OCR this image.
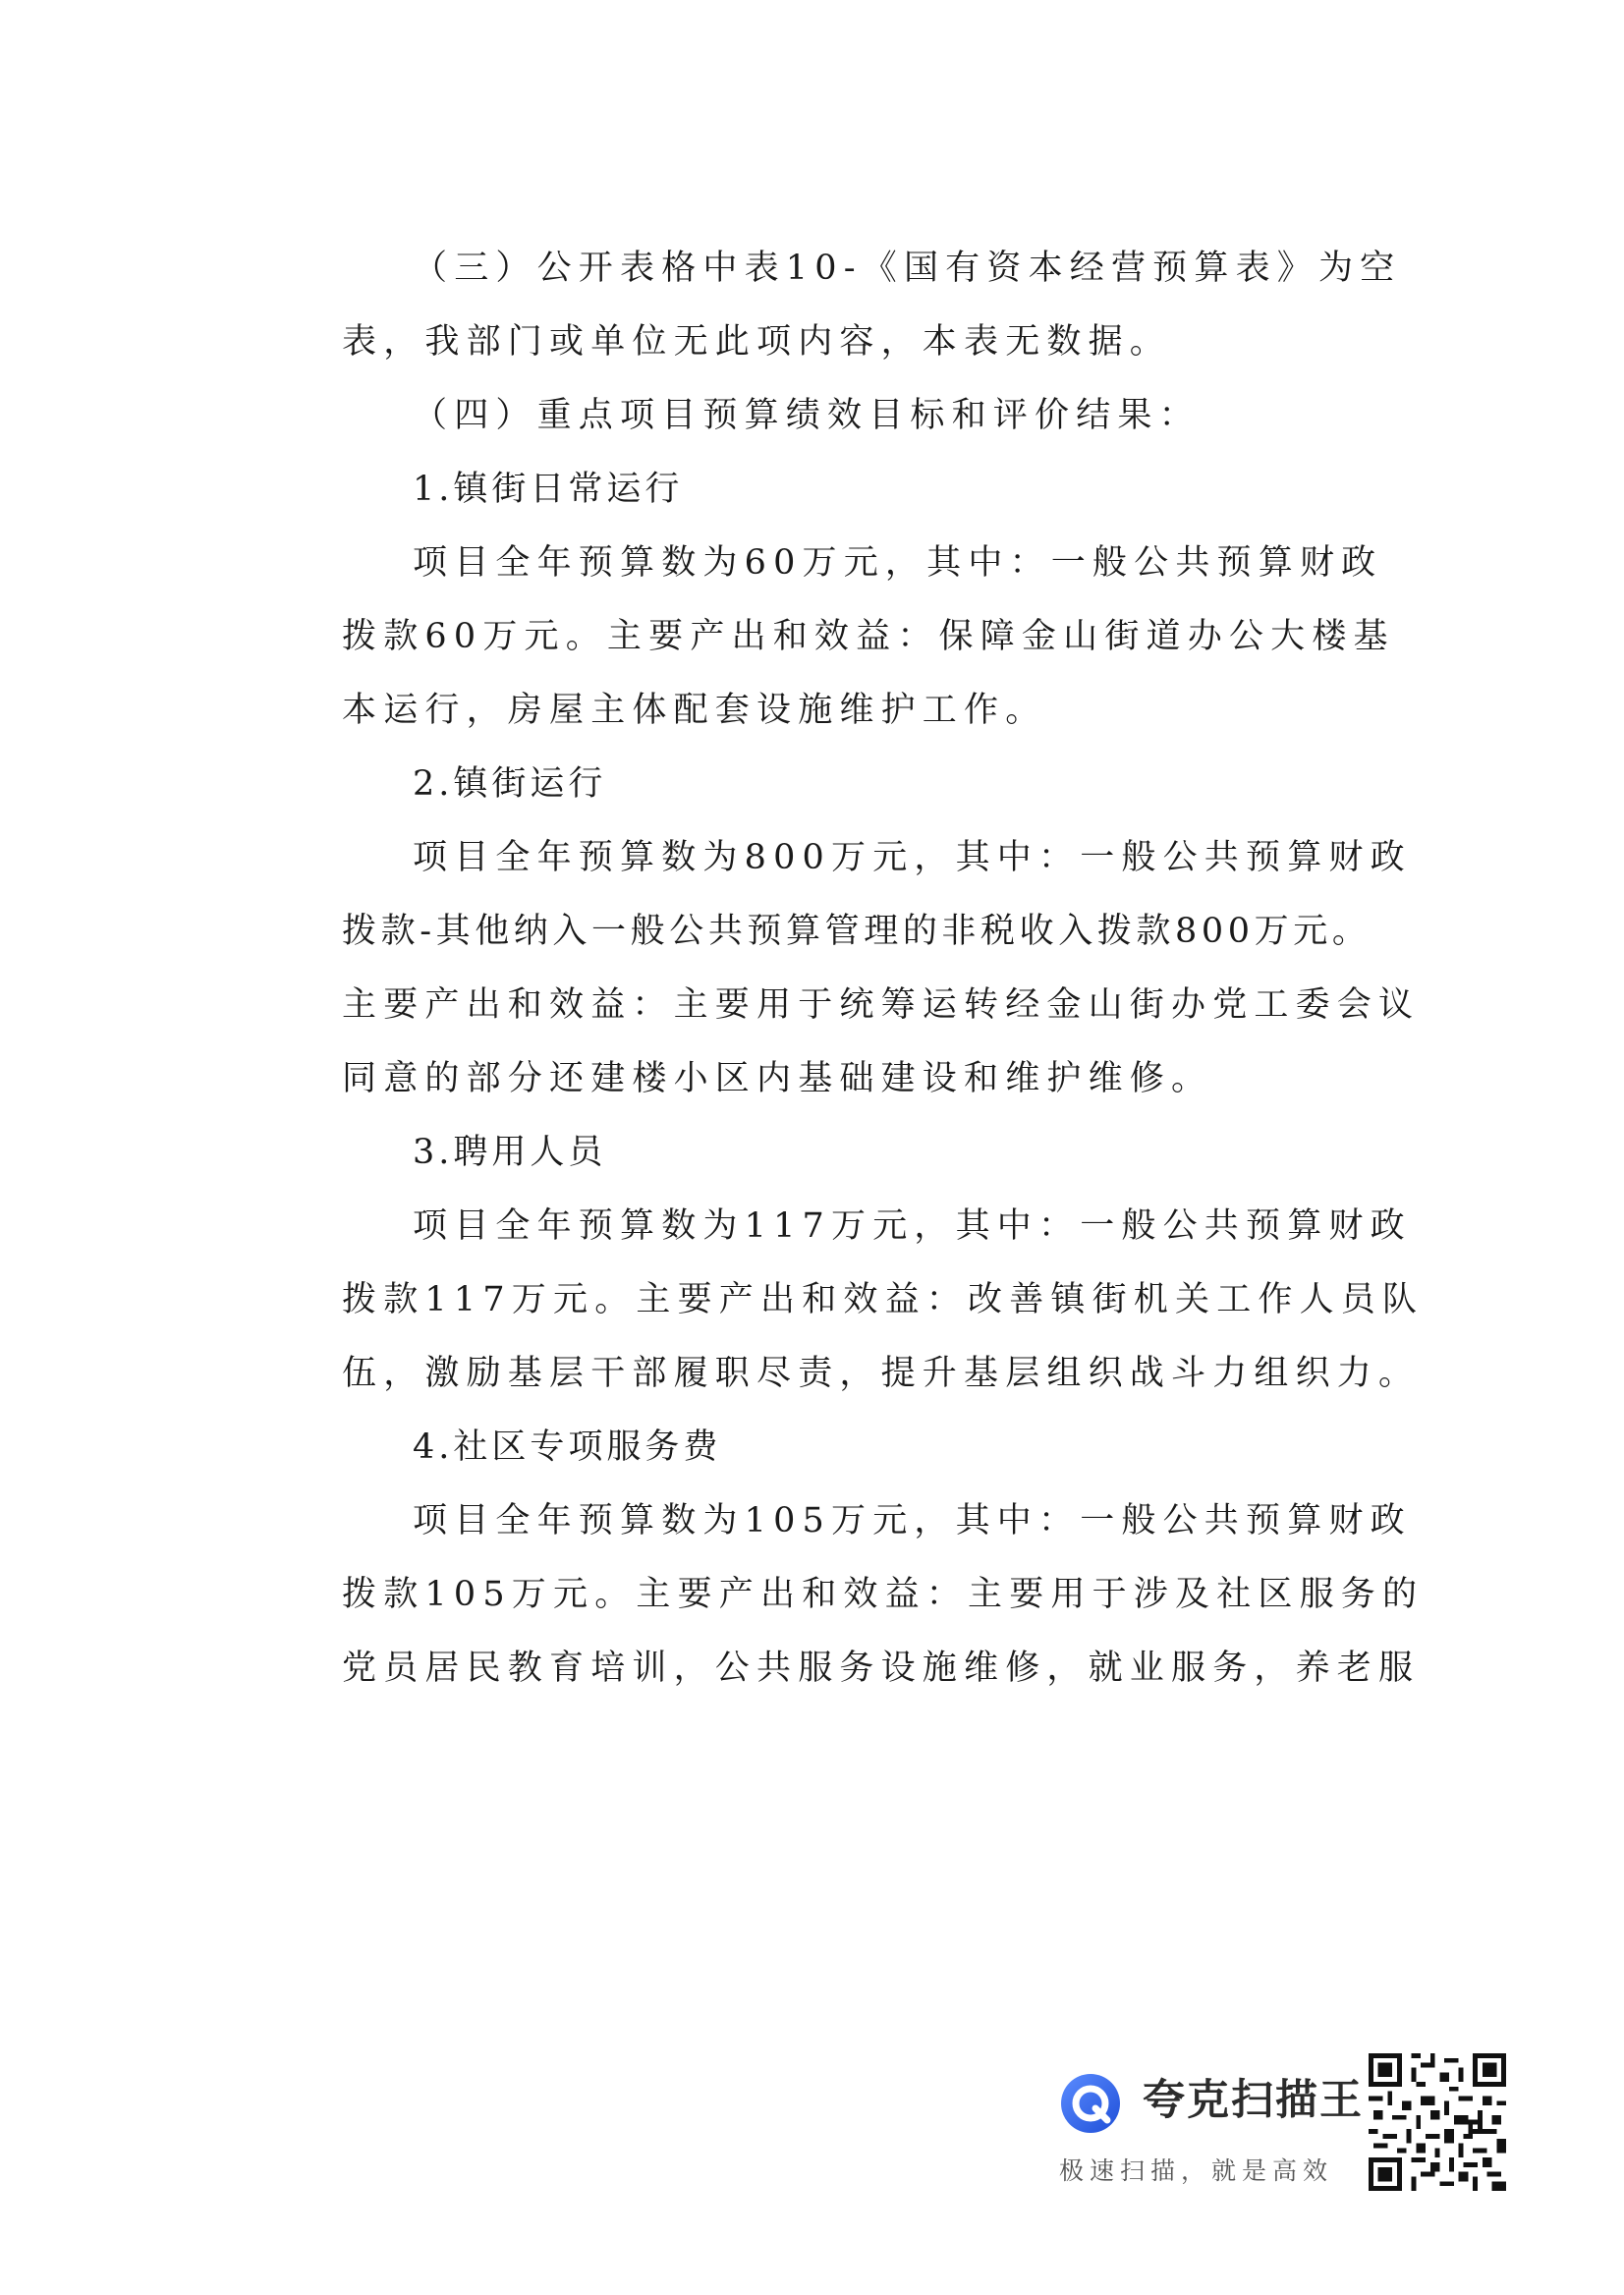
（三）公开表格中表10-《国有资本经营预算表》为空
表，我部门或单位无此项内容，本表无数据。
（四）重点项目预算绩效目标和评价结果：
1.镇街日常运行
项目全年预算数为60万元，其中：一般公共预算财政
拨款60万元。主要产出和效益：保障金山街道办公大楼基
本运行，房屋主体配套设施维护工作。
2.镇街运行
项目全年预算数为800万元，其中：一般公共预算财政
拨款-其他纳入一般公共预算管理的非税收入拨款800万元。
主要产出和效益：主要用于统筹运转经金山街办党工委会议
同意的部分还建楼小区内基础建设和维护维修。
3.聘用人员
项目全年预算数为117万元，其中：一般公共预算财政
拨款117万元。主要产出和效益：改善镇街机关工作人员队
伍，激励基层干部履职尽责，提升基层组织战斗力组织力。
4.社区专项服务费
项目全年预算数为105万元，其中：一般公共预算财政
拨款105万元。主要产出和效益：主要用于涉及社区服务的
党员居民教育培训，公共服务设施维修，就业服务，养老服
夸克扫描王
极速扫描，就是高效
